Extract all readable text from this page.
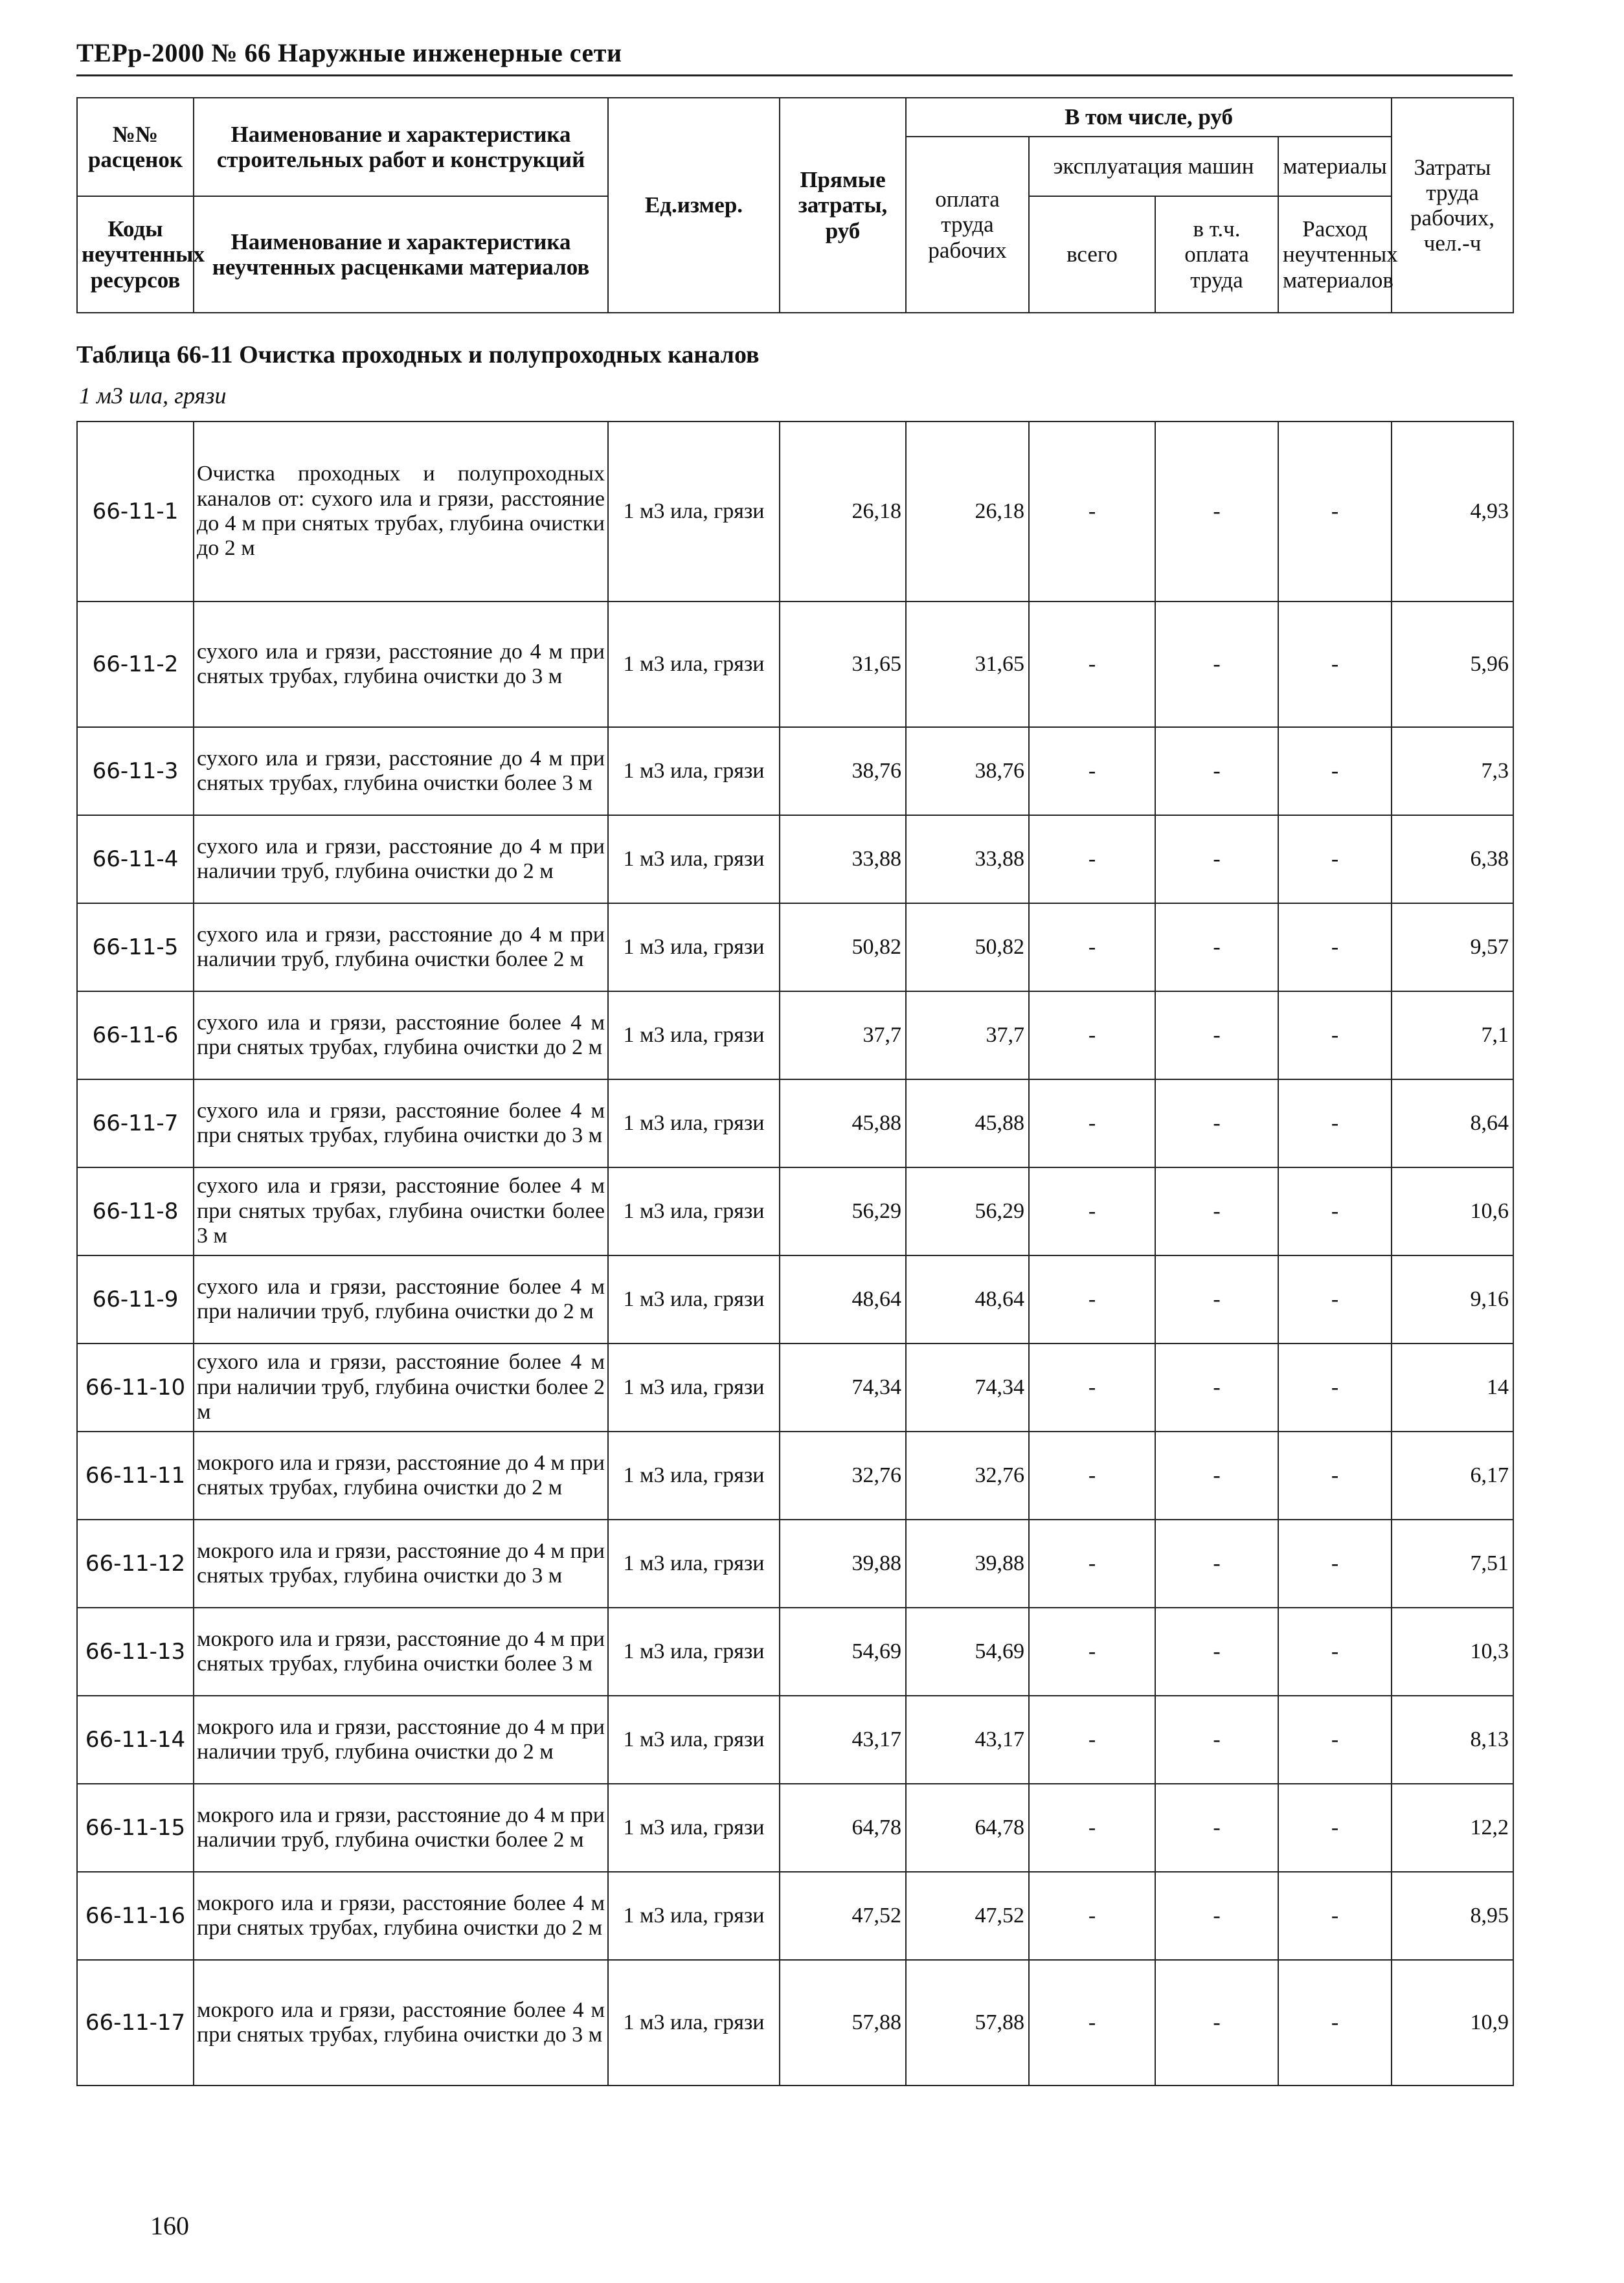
ТЕРр-2000 № 66 Наружные инженерные сети
№№ расценок	Наименование и характеристика строительных работ и конструкций	Ед.измер.	Прямые затраты, руб	В том числе, руб				Затраты труда рабочих, чел.-ч
				оплата труда рабочих	эксплуатация машин		материалы	

Коды неучтенных ресурсов	Наименование и характеристика неучтенных расценками материалов				всего	в т.ч. оплата труда	Расход неучтенных материалов	

Таблица 66-11 Очистка проходных и полупроходных каналов
1 м3 ила, грязи
66-11-1	Очистка проходных и полупроходных каналов от: сухого ила и грязи, расстояние до 4 м при снятых трубах, глубина очистки до 2 м	1 м3 ила, грязи	26,18	26,18	-	-	-	4,93
66-11-2	сухого ила и грязи, расстояние до 4 м при снятых трубах, глубина очистки до 3 м	1 м3 ила, грязи	31,65	31,65	-	-	-	5,96
66-11-3	сухого ила и грязи, расстояние до 4 м при снятых трубах, глубина очистки более 3 м	1 м3 ила, грязи	38,76	38,76	-	-	-	7,3
66-11-4	сухого ила и грязи, расстояние до 4 м при наличии труб, глубина очистки до 2 м	1 м3 ила, грязи	33,88	33,88	-	-	-	6,38
66-11-5	сухого ила и грязи, расстояние до 4 м при наличии труб, глубина очистки более 2 м	1 м3 ила, грязи	50,82	50,82	-	-	-	9,57
66-11-6	сухого ила и грязи, расстояние более 4 м при снятых трубах, глубина очистки до 2 м	1 м3 ила, грязи	37,7	37,7	-	-	-	7,1
66-11-7	сухого ила и грязи, расстояние более 4 м при снятых трубах, глубина очистки до 3 м	1 м3 ила, грязи	45,88	45,88	-	-	-	8,64
66-11-8	сухого ила и грязи, расстояние более 4 м при снятых трубах, глубина очистки более 3 м	1 м3 ила, грязи	56,29	56,29	-	-	-	10,6
66-11-9	сухого ила и грязи, расстояние более 4 м при наличии труб, глубина очистки до 2 м	1 м3 ила, грязи	48,64	48,64	-	-	-	9,16
66-11-10	сухого ила и грязи, расстояние более 4 м при наличии труб, глубина очистки более 2 м	1 м3 ила, грязи	74,34	74,34	-	-	-	14
66-11-11	мокрого ила и грязи, расстояние до 4 м при снятых трубах, глубина очистки до 2 м	1 м3 ила, грязи	32,76	32,76	-	-	-	6,17
66-11-12	мокрого ила и грязи, расстояние до 4 м при снятых трубах, глубина очистки до 3 м	1 м3 ила, грязи	39,88	39,88	-	-	-	7,51
66-11-13	мокрого ила и грязи, расстояние до 4 м при снятых трубах, глубина очистки более 3 м	1 м3 ила, грязи	54,69	54,69	-	-	-	10,3
66-11-14	мокрого ила и грязи, расстояние до 4 м при наличии труб, глубина очистки до 2 м	1 м3 ила, грязи	43,17	43,17	-	-	-	8,13
66-11-15	мокрого ила и грязи, расстояние до 4 м при наличии труб, глубина очистки более 2 м	1 м3 ила, грязи	64,78	64,78	-	-	-	12,2
66-11-16	мокрого ила и грязи, расстояние более 4 м при снятых трубах, глубина очистки до 2 м	1 м3 ила, грязи	47,52	47,52	-	-	-	8,95
66-11-17	мокрого ила и грязи, расстояние более 4 м при снятых трубах, глубина очистки до 3 м	1 м3 ила, грязи	57,88	57,88	-	-	-	10,9
160
